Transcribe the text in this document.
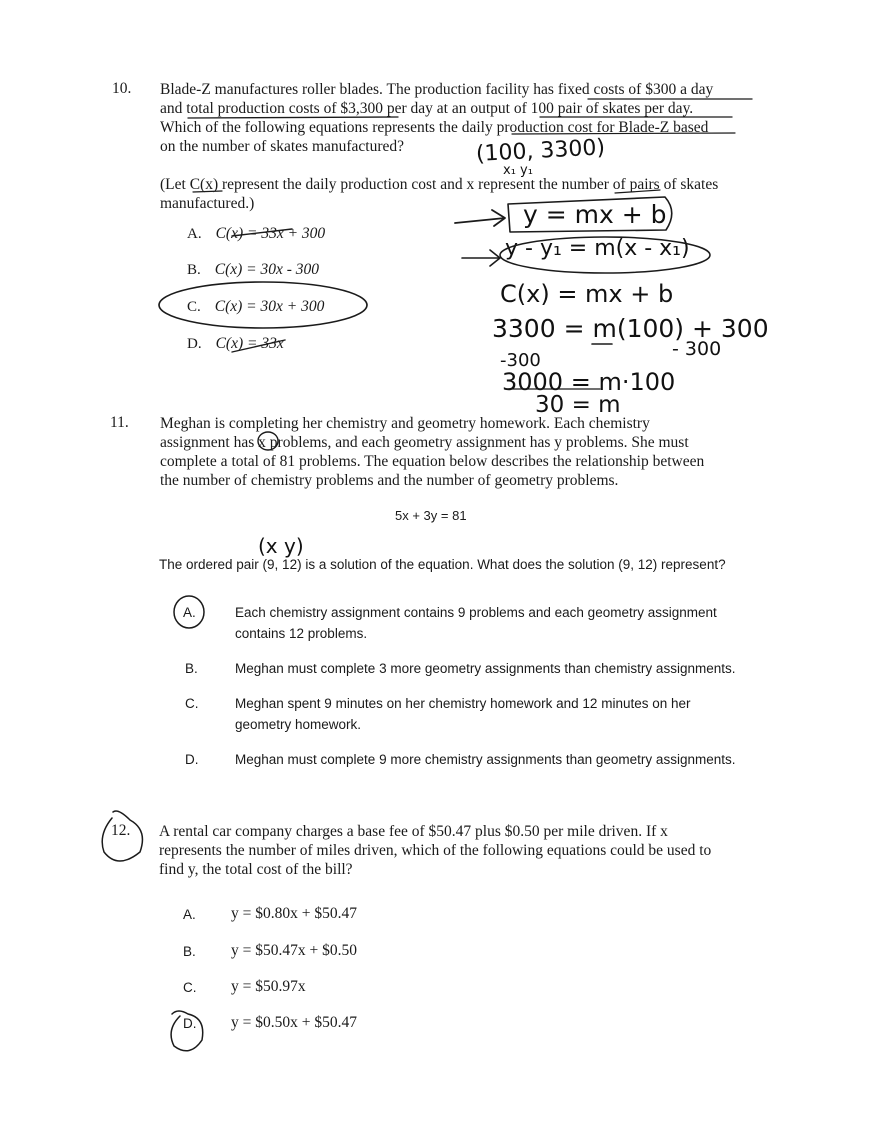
10. Blade-Z manufactures roller blades. The production facility has fixed costs of $300 a day

and total production costs of $3,300 per day at an output of 100 pair of skates per day.

Which of the following equations represents the daily production cost for Blade-Z based

on the number of skates manufactured?

(Let C(x) represent the daily production cost and x represent the number of pairs of skates

manufactured.)

A. C(x) = 33x + 300
B. C(x) = 30x - 300
C. C(x) = 30x + 300
D. C(x) = 33x
(100, 3300)
x₁ y₁
y = mx + b
y - y₁ = m(x - x₁)
C(x) = mx + b
3300 = m(100) + 300
-300
- 300
3000 = m·100
30 = m
11. Meghan is completing her chemistry and geometry homework. Each chemistry

assignment has x problems, and each geometry assignment has y problems. She must

complete a total of 81 problems. The equation below describes the relationship between

the number of chemistry problems and the number of geometry problems.

5x + 3y = 81
(x y)
The ordered pair (9, 12) is a solution of the equation. What does the solution (9, 12) represent?
A.	Each chemistry assignment contains 9 problems and each geometry assignment
contains 12 problems.
B.	Meghan must complete 3 more geometry assignments than chemistry assignments.
C.	Meghan spent 9 minutes on her chemistry homework and 12 minutes on her
geometry homework.
D.	Meghan must complete 9 more chemistry assignments than geometry assignments.
12. A rental car company charges a base fee of $50.47 plus $0.50 per mile driven. If x

represents the number of miles driven, which of the following equations could be used to

find y, the total cost of the bill?

A. y = $0.80x + $50.47
B. y = $50.47x + $0.50
C. y = $50.97x
D. y = $0.50x + $50.47
